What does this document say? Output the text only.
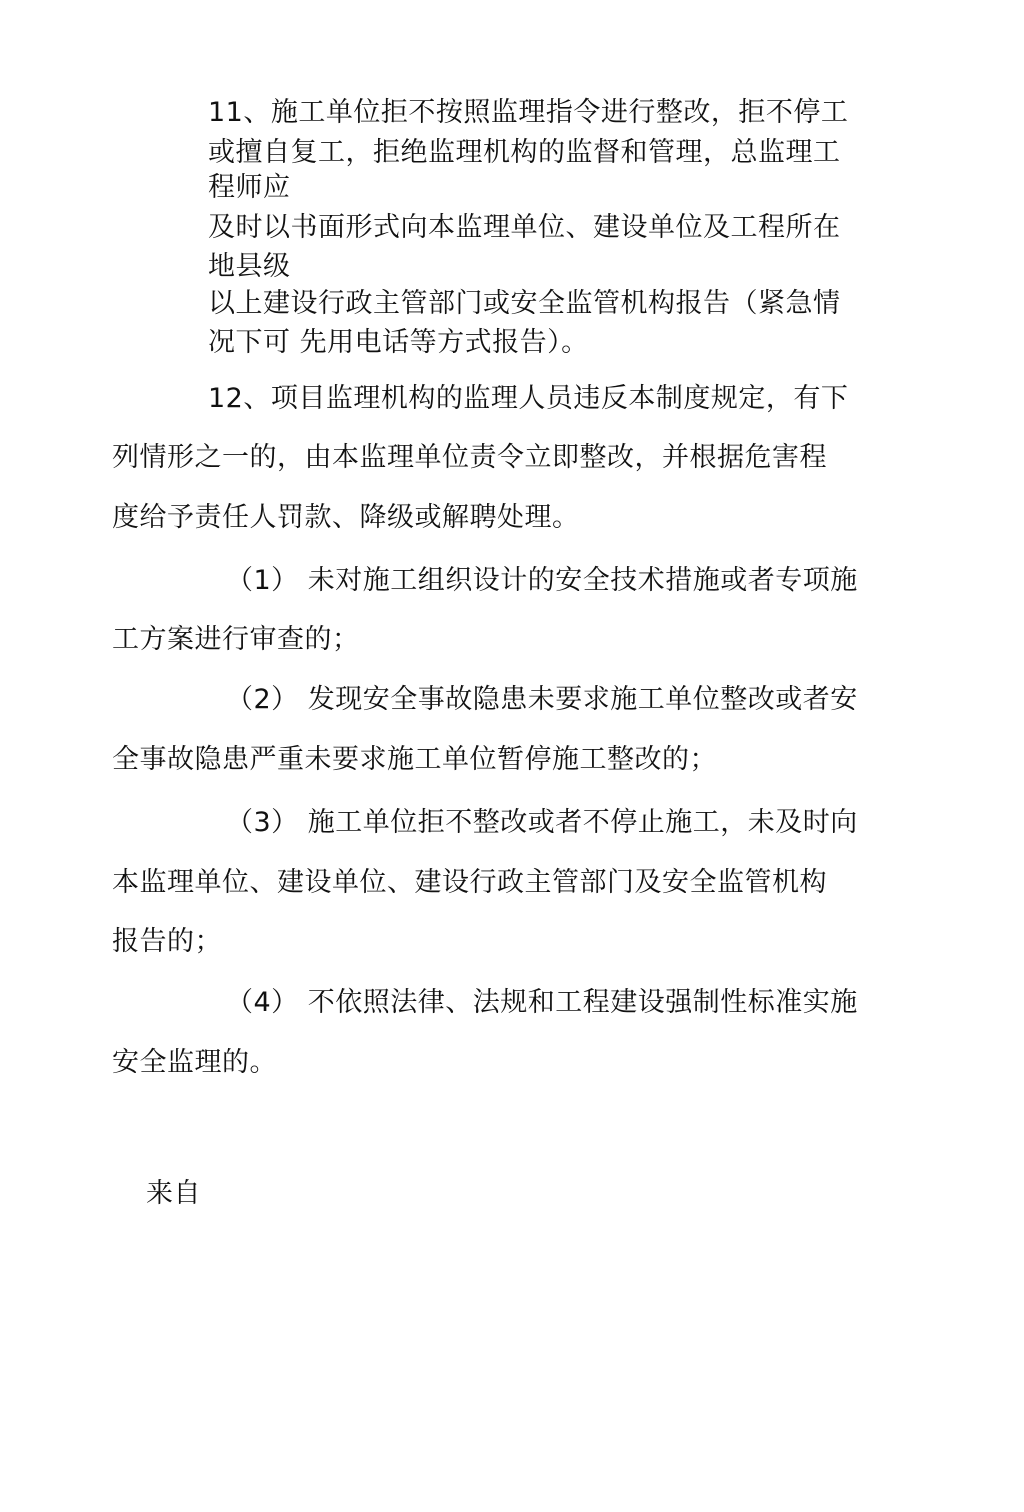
11、施工单位拒不按照监理指令进行整改，拒不停工
或擅自复工，拒绝监理机构的监督和管理，总监理工
程师应
及时以书面形式向本监理单位、建设单位及工程所在
地县级
以上建设行政主管部门或安全监管机构报告（紧急情
况下可 先用电话等方式报告）。
12、项目监理机构的监理人员违反本制度规定，有下
列情形之一的，由本监理单位责令立即整改，并根据危害程
度给予责任人罚款、降级或解聘处理。
（1） 未对施工组织设计的安全技术措施或者专项施
工方案进行审查的；
（2） 发现安全事故隐患未要求施工单位整改或者安
全事故隐患严重未要求施工单位暂停施工整改的；
（3） 施工单位拒不整改或者不停止施工，未及时向
本监理单位、建设单位、建设行政主管部门及安全监管机构
报告的；
（4） 不依照法律、法规和工程建设强制性标准实施
安全监理的。
来自
